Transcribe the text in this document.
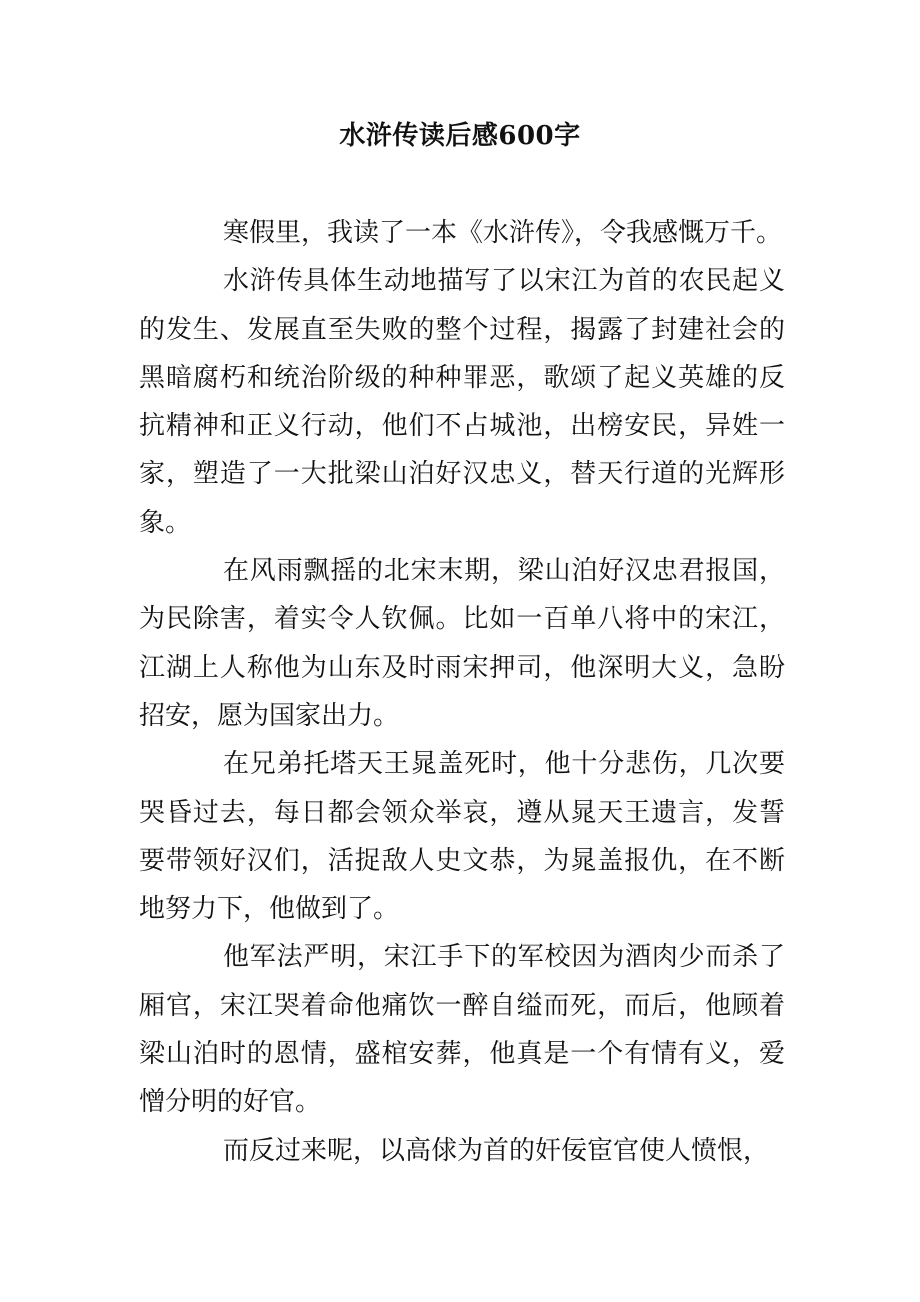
水浒传读后感600字

寒假里，我读了一本《水浒传》，令我感慨万千。

水浒传具体生动地描写了以宋江为首的农民起义的发生、发展直至失败的整个过程，揭露了封建社会的黑暗腐朽和统治阶级的种种罪恶，歌颂了起义英雄的反抗精神和正义行动，他们不占城池，出榜安民，异姓一家，塑造了一大批梁山泊好汉忠义，替天行道的光辉形象。

在风雨飘摇的北宋末期，梁山泊好汉忠君报国，为民除害，着实令人钦佩。比如一百单八将中的宋江，江湖上人称他为山东及时雨宋押司，他深明大义，急盼招安，愿为国家出力。

在兄弟托塔天王晁盖死时，他十分悲伤，几次要哭昏过去，每日都会领众举哀，遵从晁天王遗言，发誓要带领好汉们，活捉敌人史文恭，为晁盖报仇，在不断地努力下，他做到了。

他军法严明，宋江手下的军校因为酒肉少而杀了厢官，宋江哭着命他痛饮一醉自缢而死，而后，他顾着梁山泊时的恩情，盛棺安葬，他真是一个有情有义，爱憎分明的好官。

而反过来呢，以高俅为首的奸佞宦官使人愤恨，
